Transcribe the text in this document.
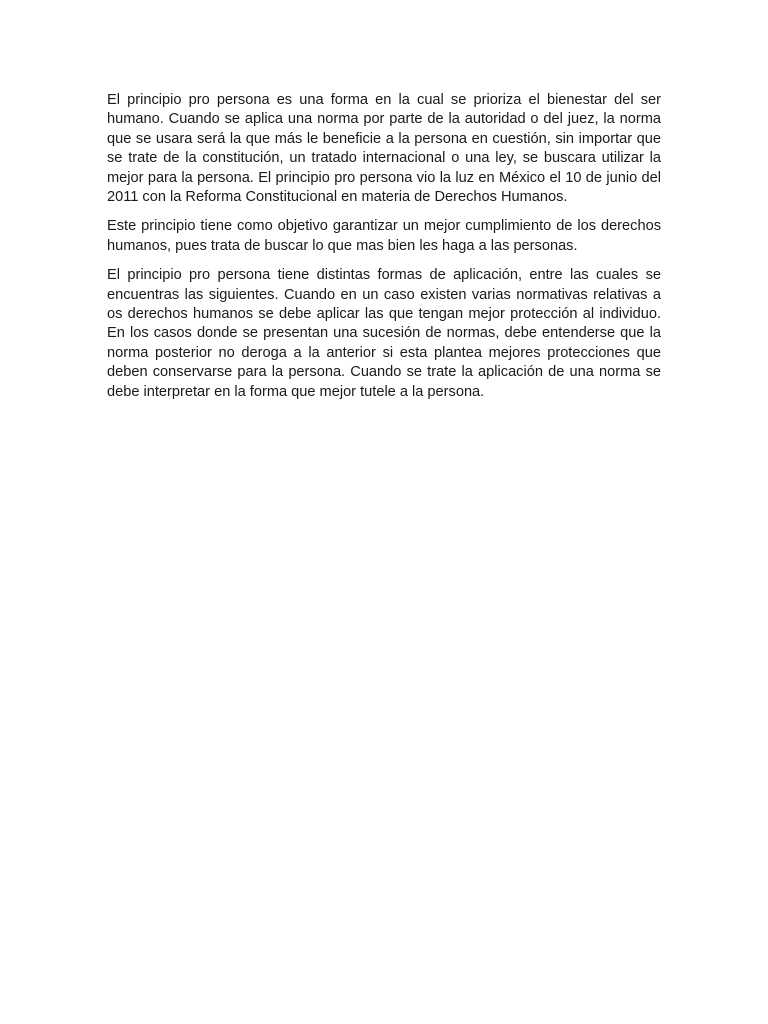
El principio pro persona es una forma en la cual se prioriza el bienestar del ser humano. Cuando se aplica una norma por parte de la autoridad o del juez, la norma que se usara será la que más le beneficie a la persona en cuestión, sin importar que se trate de la constitución, un tratado internacional o una ley, se buscara utilizar la mejor para la persona. El principio pro persona vio la luz en México el 10 de junio del 2011 con la Reforma Constitucional en materia de Derechos Humanos.

Este principio tiene como objetivo garantizar un mejor cumplimiento de los derechos humanos, pues trata de buscar lo que mas bien les haga a las personas.

El principio pro persona tiene distintas formas de aplicación, entre las cuales se encuentras las siguientes. Cuando en un caso existen varias normativas relativas a os derechos humanos se debe aplicar las que tengan mejor protección al individuo. En los casos donde se presentan una sucesión de normas, debe entenderse que la norma posterior no deroga a la anterior si esta plantea mejores protecciones que deben conservarse para la persona. Cuando se trate la aplicación de una norma se debe interpretar en la forma que mejor tutele a la persona.
